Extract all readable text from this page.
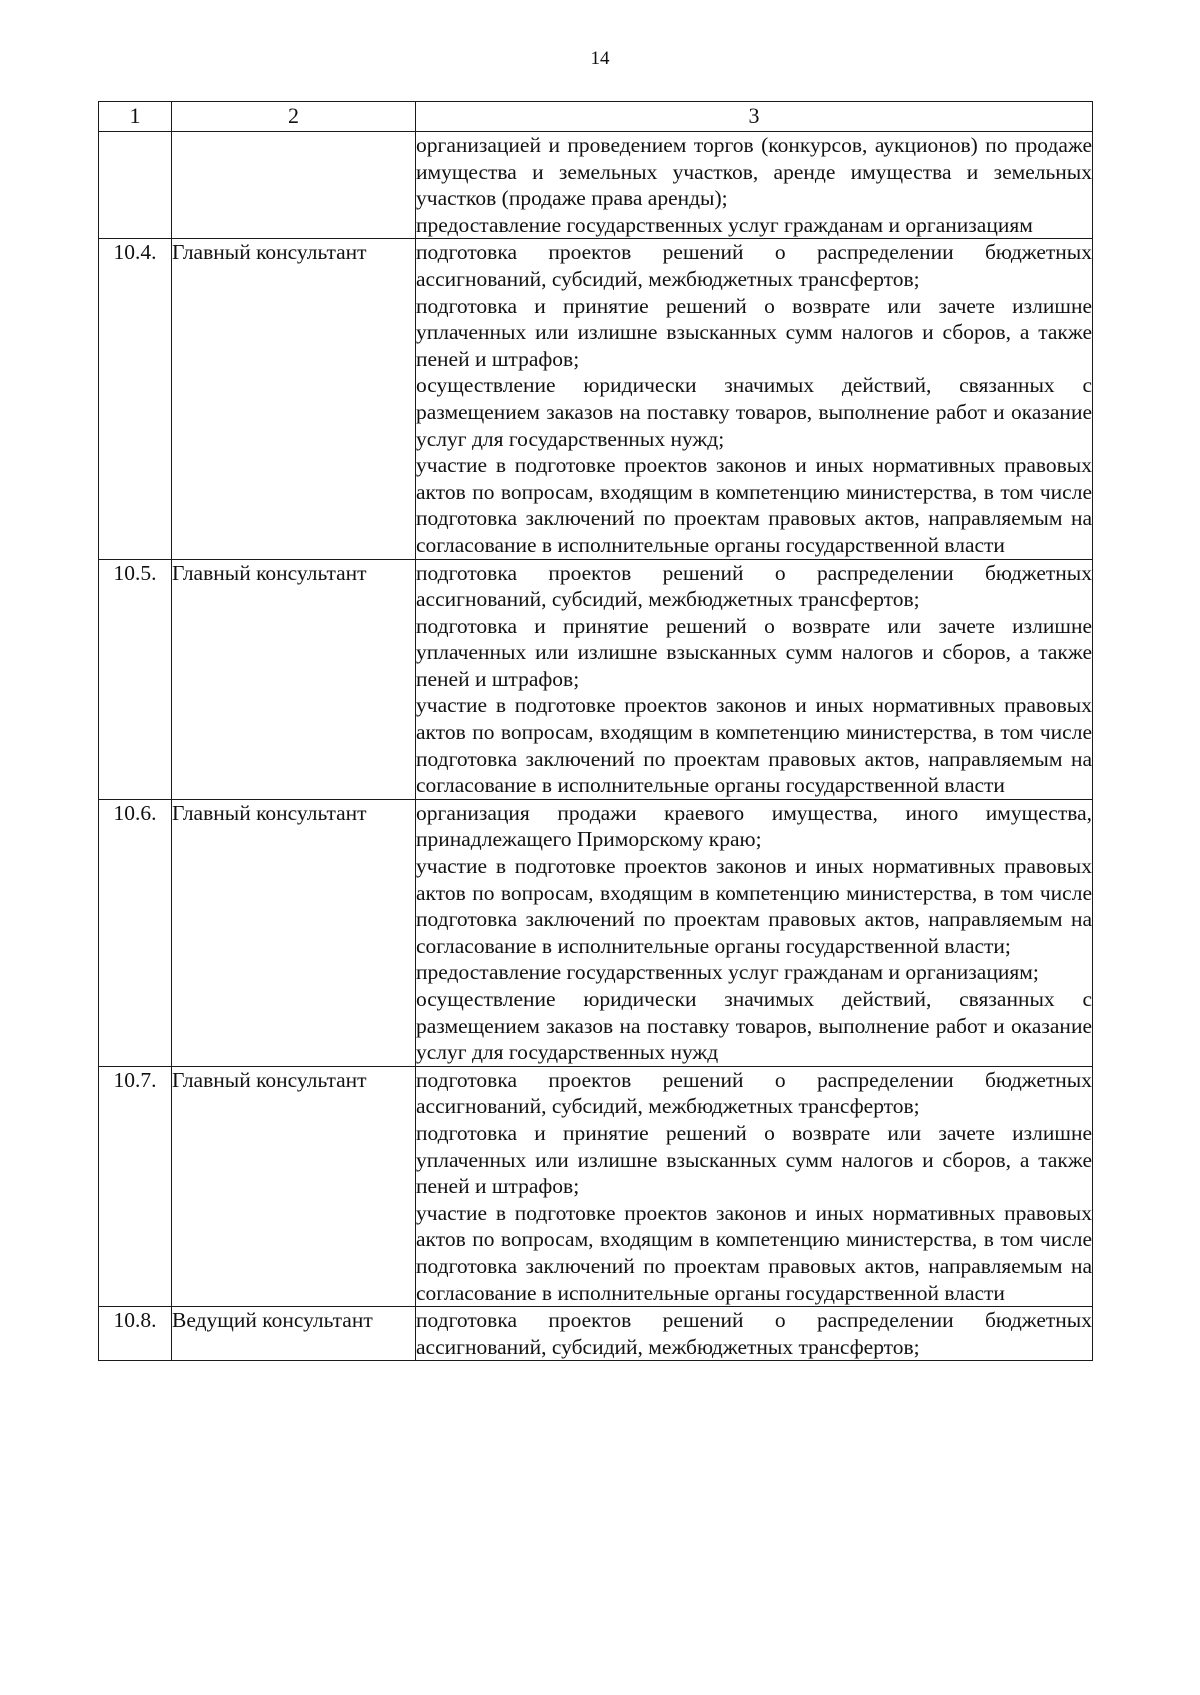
14
1	2	3

		организацией и проведением торгов (конкурсов, аукционов) по продаже имущества и земельных участков, аренде имущества и земельных участков (продаже права аренды);
предоставление государственных услуг гражданам и организациям

10.4.	Главный консультант	подготовка проектов решений о распределении бюджетных ассигнований, субсидий, межбюджетных трансфертов;
подготовка и принятие решений о возврате или зачете излишне уплаченных или излишне взысканных сумм налогов и сборов, а также пеней и штрафов;
осуществление юридически значимых действий, связанных с размещением заказов на поставку товаров, выполнение работ и оказание услуг для государственных нужд;
участие в подготовке проектов законов и иных нормативных правовых актов по вопросам, входящим в компетенцию министерства, в том числе подготовка заключений по проектам правовых актов, направляемым на согласование в исполнительные органы государственной власти

10.5.	Главный консультант	подготовка проектов решений о распределении бюджетных ассигнований, субсидий, межбюджетных трансфертов;
подготовка и принятие решений о возврате или зачете излишне уплаченных или излишне взысканных сумм налогов и сборов, а также пеней и штрафов;
участие в подготовке проектов законов и иных нормативных правовых актов по вопросам, входящим в компетенцию министерства, в том числе подготовка заключений по проектам правовых актов, направляемым на согласование в исполнительные органы государственной власти

10.6.	Главный консультант	организация продажи краевого имущества, иного имущества, принадлежащего Приморскому краю;
участие в подготовке проектов законов и иных нормативных правовых актов по вопросам, входящим в компетенцию министерства, в том числе подготовка заключений по проектам правовых актов, направляемым на согласование в исполнительные органы государственной власти;
предоставление государственных услуг гражданам и организациям;
осуществление юридически значимых действий, связанных с размещением заказов на поставку товаров, выполнение работ и оказание услуг для государственных нужд

10.7.	Главный консультант	подготовка проектов решений о распределении бюджетных ассигнований, субсидий, межбюджетных трансфертов;
подготовка и принятие решений о возврате или зачете излишне уплаченных или излишне взысканных сумм налогов и сборов, а также пеней и штрафов;
участие в подготовке проектов законов и иных нормативных правовых актов по вопросам, входящим в компетенцию министерства, в том числе подготовка заключений по проектам правовых актов, направляемым на согласование в исполнительные органы государственной власти

10.8.	Ведущий консультант	подготовка проектов решений о распределении бюджетных ассигнований, субсидий, межбюджетных трансфертов;
